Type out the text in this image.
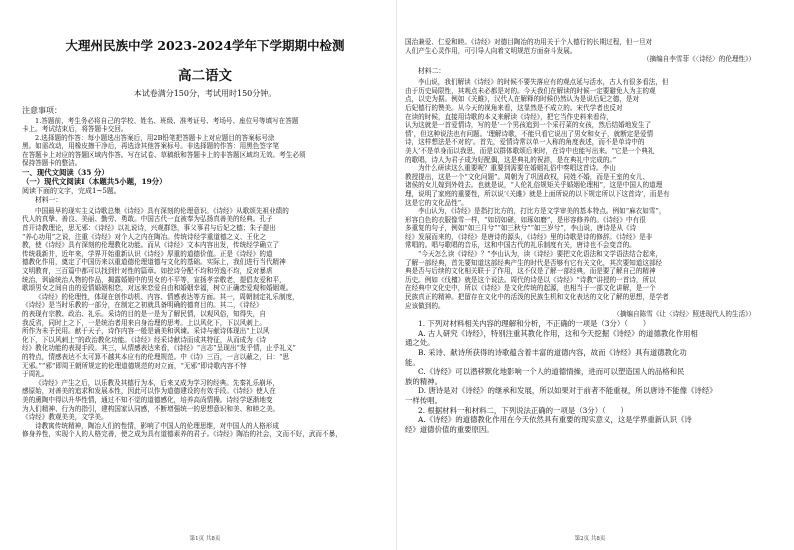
大理州民族中学 2023-2024学年下学期期中检测
高二语文
本试卷满分150分，考试用时150分钟。
注意事项：
1.答题前，考生务必将自己的学校、姓名、班级、准考证号、考场号、座位号等填写在答题
卡上。考试结束后，将答题卡交回。
2.选择题的作答：每小题选出答案后，用2B铅笔把答题卡上对应题目的答案标号涂
黑。如需改动，用橡皮擦干净后，再选涂其他答案标号。非选择题的作答：用黑色签字笔
在答题卡上对应的答题区域内作答。写在试卷、草稿纸和答题卡上的非答题区域均无效。考生必须
保持答题卡的整洁。
一、现代文阅读（35 分）
（一）现代文阅读Ⅰ（本题共5小题，19分）
阅读下面的文字，完成1~5题。
材料一：
中国最早的现实主义诗歌总集《诗经》具有深刻的伦理意识。《诗经》从歌颂先祖业绩的
代人的真挚、善良、美丽、勤劳、勇敢。中国古代一直被奉为弘扬真善美的经典。孔子
首开诗教理论，思无邪：《诗经》以礼说诗，兴观群怨，事父事君与后妃之德；朱子提出
“养心功用”之说，注重《诗经》对个人之内在陶冶。传统诗经学重道德之义、王化之
教，使《诗经》具有深刻的伦理教化功能。而从《诗经》文本内容出发，传统经学确立了
传统栽新井，近年来，学界开始重新认识《诗经》厚重的道德价值。正是《诗经》的道
德教化作用，奠定了中国历来以重道德伦理道德与文化的基础。实际上，我们进行当代精神
文明教育，三百篇中都可以找到针对性的篇章。如挖诗分配不均和劳逸不均，反对暴虐
统治，讽谕统治人物的作品，揭露婚姻中的男女的不平等，宣扬孝亲敬老，提倡友爱和平，
歌颂男女之间自由的爱情婚姻相恋，对远来恋爱自由和婚姻幸福，树立正确恋爱观和婚姻观。
《诗经》的伦理性，体现在创作动机、内容、情感表达等方面。其一，周朝制定礼乐制度，
《诗经》是当时乐教的一部分，在制定之初就具备明确的德育目的。其二，《诗经》
的表现有宗教、政治、礼乐。采诗的目的是一是为了解民情，以观风俗，知得失，自
我反省，同时上之下，一是统治者用来自身治理的思考。上以风化下，下以风刺上。
所作为未予民用。献于天子，诗作内容一般是诵美和讽谏。采诗与献诗体现出“上以风
化下，下以风刺上”的政治教化功能。《诗经》经采诗献诗而成其特征，从而成为《诗
经》教化功能的表现手段。其三，从情感表达来看，《诗经》“言志”呈现出“发乎情，止乎礼义”
的特点，情感表达不太可算不越其本应有的伦理规范。中《诗》三百，一言以蔽之，曰：“思
无邪。”“邪”即周王朝所规定的伦理道德规范的对立面，“无邪”即诗歌内容不悖
于周礼。
《诗经》产生之后，以乐教及其德行为本，后来又成为学习的经典。先秦礼乐崩坏，
感原始，对善美的追求和发展本性，因此可以作为道德建设的有效手段。《诗经》使人在
美的熏陶中得以升华性情，通过不知不觉的道德感化，培养高尚情操。诗经学逐渐地变
为人们精神、行为的指引，建构国家认同感，不断增强统一的思想意识和美、和睦之美。
《诗经》教观美美，文学美。
诗教寓传统精神，陶冶人们的性情，影响了中国人的伦理思维，对中国人的人格形成
修身养性，实现个人的人格完善，使之成为具有道德素养的君子。《诗经》陶冶的社会，文而不好，武而不暴，
第1页 共8页
国治兼爱、仁爱和睦。《诗经》对德目陶冶的功用关于个人德行的长期过程，但一旦对
人们产生心灵作用，可引导人向着文明规范方面奋斗发展。
（摘编自李雪菲《〈诗经〉的伦理性》）
材料二：
李山说，我们解读《诗经》的时候不要失落应有的观点延与活水，古人有很多看法，但
由于历史局限性，其观点未必都是对的。今天我们在解读的时候一定要避免人为主的观
点，以史为据。例如《关雎》，汉代人在解释的时候仍然认为是说后妃之德，是对
后妃德行的赞美。从今天的视角来看，这显然是不成立的。宋代学者也反对
在读的时候，直接用诗歌的本义来解读《诗经》，把它当作史料来看待，
认为这就是一首爱情诗，写的是‘一个男孩追到一个采荇菜的女孩，然后结婚地发生了
情’，但这种说法也有问题。‘理解诗歌，不能只看它说出了男女和女子，就断定是爱情
诗，这样想法是不对的’。首先，爱情诗常以单一人称的角度表述，而不是单诗中的
美人’不是单身而以我思，而是以群体歌颂后来时，在诗中也能写出来。“它是一个典礼
的歌唱，诗人为君子成为好配偶，这是典礼的祝辞，是在典礼中完成的。”
为什么研读这么重要呢？重要到需要在婚姻礼俗中奏唱这首诗。李山
教授提出，这是一个“文化问题”。周朝为了巩固政权，同姓不婚，而是王室的女儿、
诸侯的女儿嫁到外姓去。也就是说，“人伦礼俗规矩关乎婚姻伦理相”，这是中国人的道理
理，说明了家庭的重要性，所以说‘《关雎》就是上面所说的以下规定所以下这首诗’，而是有
这是它的文化品性”。
李山认为，《诗经》是指打比方的，打比方是文学审美的基本特点。例如“麻衣如雪”，
形容白色的衣服像雪一样，“如切如磋，如琢如磨”，是形容修养的。《诗经》中有很
多重复的句子，例如“如三月兮”“如三秋兮”“如三岁兮”，李山说，唐诗是从《诗
经》发展而来的，《诗经》是唐诗的源头，《诗经》里的诗歌是诗的修辞。《诗经》是非
常唱的。唱与歌唱的音乐，这和中国古代的礼乐制度有关，唐诗也不会变音的。
“今天怎么读《诗经》？”李山认为，读《诗经》要把文化语法和文学语法结合起来，
了解一部经典，首先要知道这部经典产生的时代是否够有它有关文化，其次要知道这部经
典是否与后续的文化相关联于了作用，这不仅是了解一部经典，而是要了解自己的精神
历史。例如《伐檀》就是这个说法。周代的诗是以《诗经》“诗教”讲授的一首诗，所以
在经典中文化史中，所以《诗经》是文化传统的起源，也相当于一部文化讲解，是一个
民族真正的精神。把留存在文化中的活泼的民族生机和文化表达的文化了解的思想，是学者
应该做到的。
（摘编自陈雪《让〈诗经〉照进现代人的生活》）
1. 下列对材料相关内容的理解和分析，不正确的一项是（3分）（　　）
A. 古人研究《诗经》，特别注重其教化作用，这和今天挖掘《诗经》的道德教化作用相
通之处。
B. 采诗、献诗所获得的诗歌蕴含着丰富的道德内容，故而《诗经》具有道德教化功
能。
C.《诗经》可以潜移默化地影响一个人的道德情操，进而可以塑造国人的品格和民
族的精神。
D. 唐诗是对《诗经》的继承和发展，所以如果对于前者不能重视，所以唐诗不能像《诗经》
一样传唱。
2. 根据材料一和材料二，下列说法正确的一项是（3分）（　　）
A.《诗经》的道德教化作用在今天依然具有重要的现实意义，这是学界重新认识《诗
经》道德价值的重要原因。
第2页 共8页
